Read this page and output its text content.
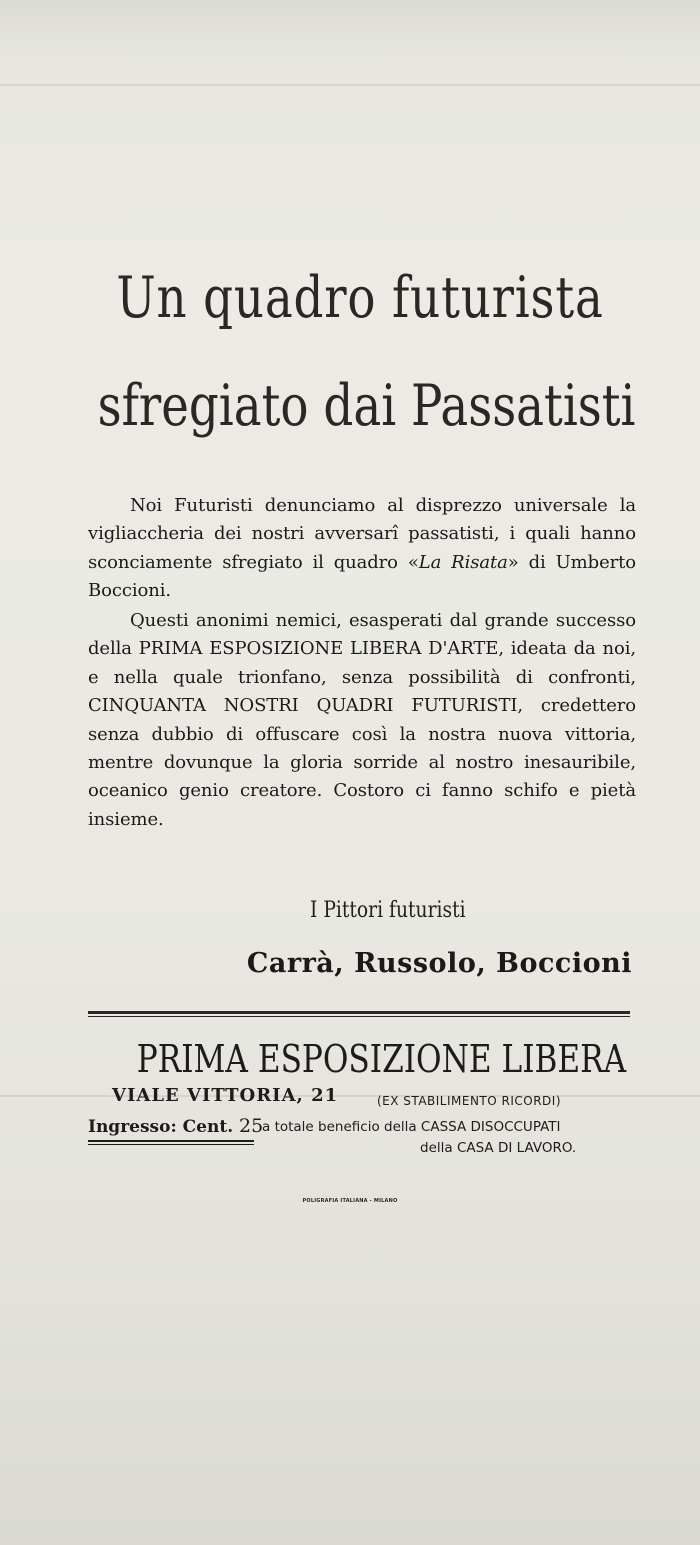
Un quadro futurista
sfregiato dai Passatisti

Noi Futuristi denunciamo al disprezzo universale la vigliaccheria dei nostri avversarî passatisti, i quali hanno sconciamente sfregiato il quadro «La Risata» di Umberto Boccioni.

Questi anonimi nemici, esasperati dal grande successo della PRIMA ESPOSIZIONE LIBERA D'ARTE, ideata da noi, e nella quale trionfano, senza possibilità di confronti, CINQUANTA NOSTRI QUADRI FUTURISTI, credettero senza dubbio di offuscare così la nostra nuova vittoria, mentre dovunque la gloria sorride al nostro inesauribile, oceanico genio creatore. Costoro ci fanno schifo e pietà insieme.

I Pittori futuristi
Carrà, Russolo, Boccioni
PRIMA ESPOSIZIONE LIBERA
VIALE VITTORIA, 21	(EX STABILIMENTO RICORDI)
Ingresso: Cent. 25
a totale beneficio della CASSA DISOCCUPATI
della CASA DI LAVORO.
POLIGRAFIA ITALIANA - MILANO
